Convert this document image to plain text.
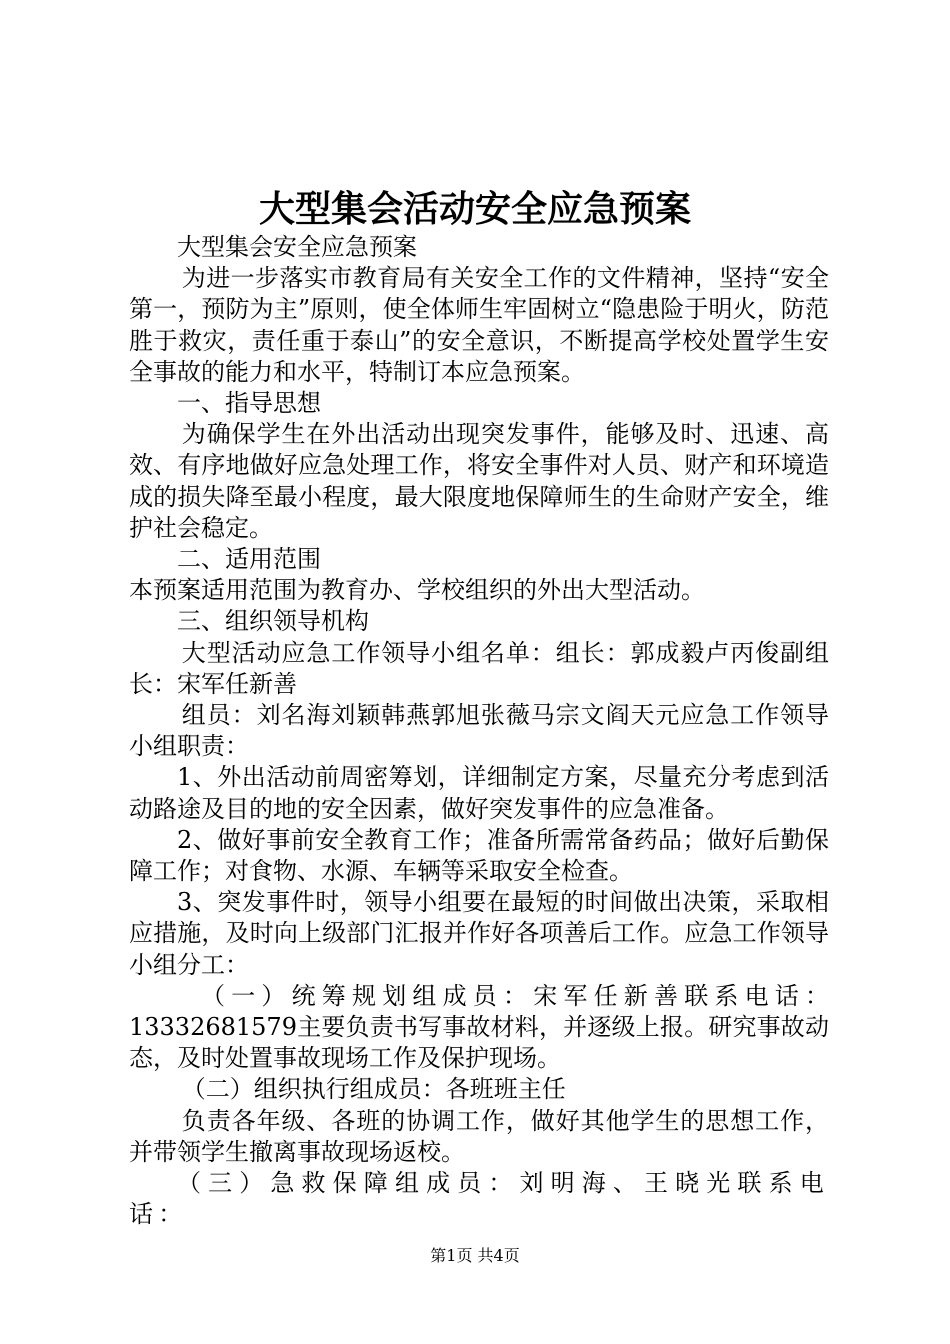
大型集会活动安全应急预案

大型集会安全应急预案

为进一步落实市教育局有关安全工作的文件精神，坚持“安全第一，预防为主”原则，使全体师生牢固树立“隐患险于明火，防范胜于救灾，责任重于泰山”的安全意识，不断提高学校处置学生安全事故的能力和水平，特制订本应急预案。

一、指导思想

为确保学生在外出活动出现突发事件，能够及时、迅速、高效、有序地做好应急处理工作，将安全事件对人员、财产和环境造成的损失降至最小程度，最大限度地保障师生的生命财产安全，维护社会稳定。

二、适用范围

本预案适用范围为教育办、学校组织的外出大型活动。

三、组织领导机构

大型活动应急工作领导小组名单：组长：郭成毅卢丙俊副组长：宋军任新善

组员：刘名海刘颖韩燕郭旭张薇马宗文阎天元应急工作领导小组职责：

1、外出活动前周密筹划，详细制定方案，尽量充分考虑到活动路途及目的地的安全因素，做好突发事件的应急准备。

2、做好事前安全教育工作；准备所需常备药品；做好后勤保障工作；对食物、水源、车辆等采取安全检查。

3、突发事件时，领导小组要在最短的时间做出决策，采取相应措施，及时向上级部门汇报并作好各项善后工作。应急工作领导小组分工：

（一）统筹规划组成员：宋军任新善联系电话：13332681579主要负责书写事故材料，并逐级上报。研究事故动态，及时处置事故现场工作及保护现场。

（二）组织执行组成员：各班班主任

负责各年级、各班的协调工作，做好其他学生的思想工作，并带领学生撤离事故现场返校。

（三）急救保障组成员：刘明海、王晓光联系电话：

第1页 共4页
